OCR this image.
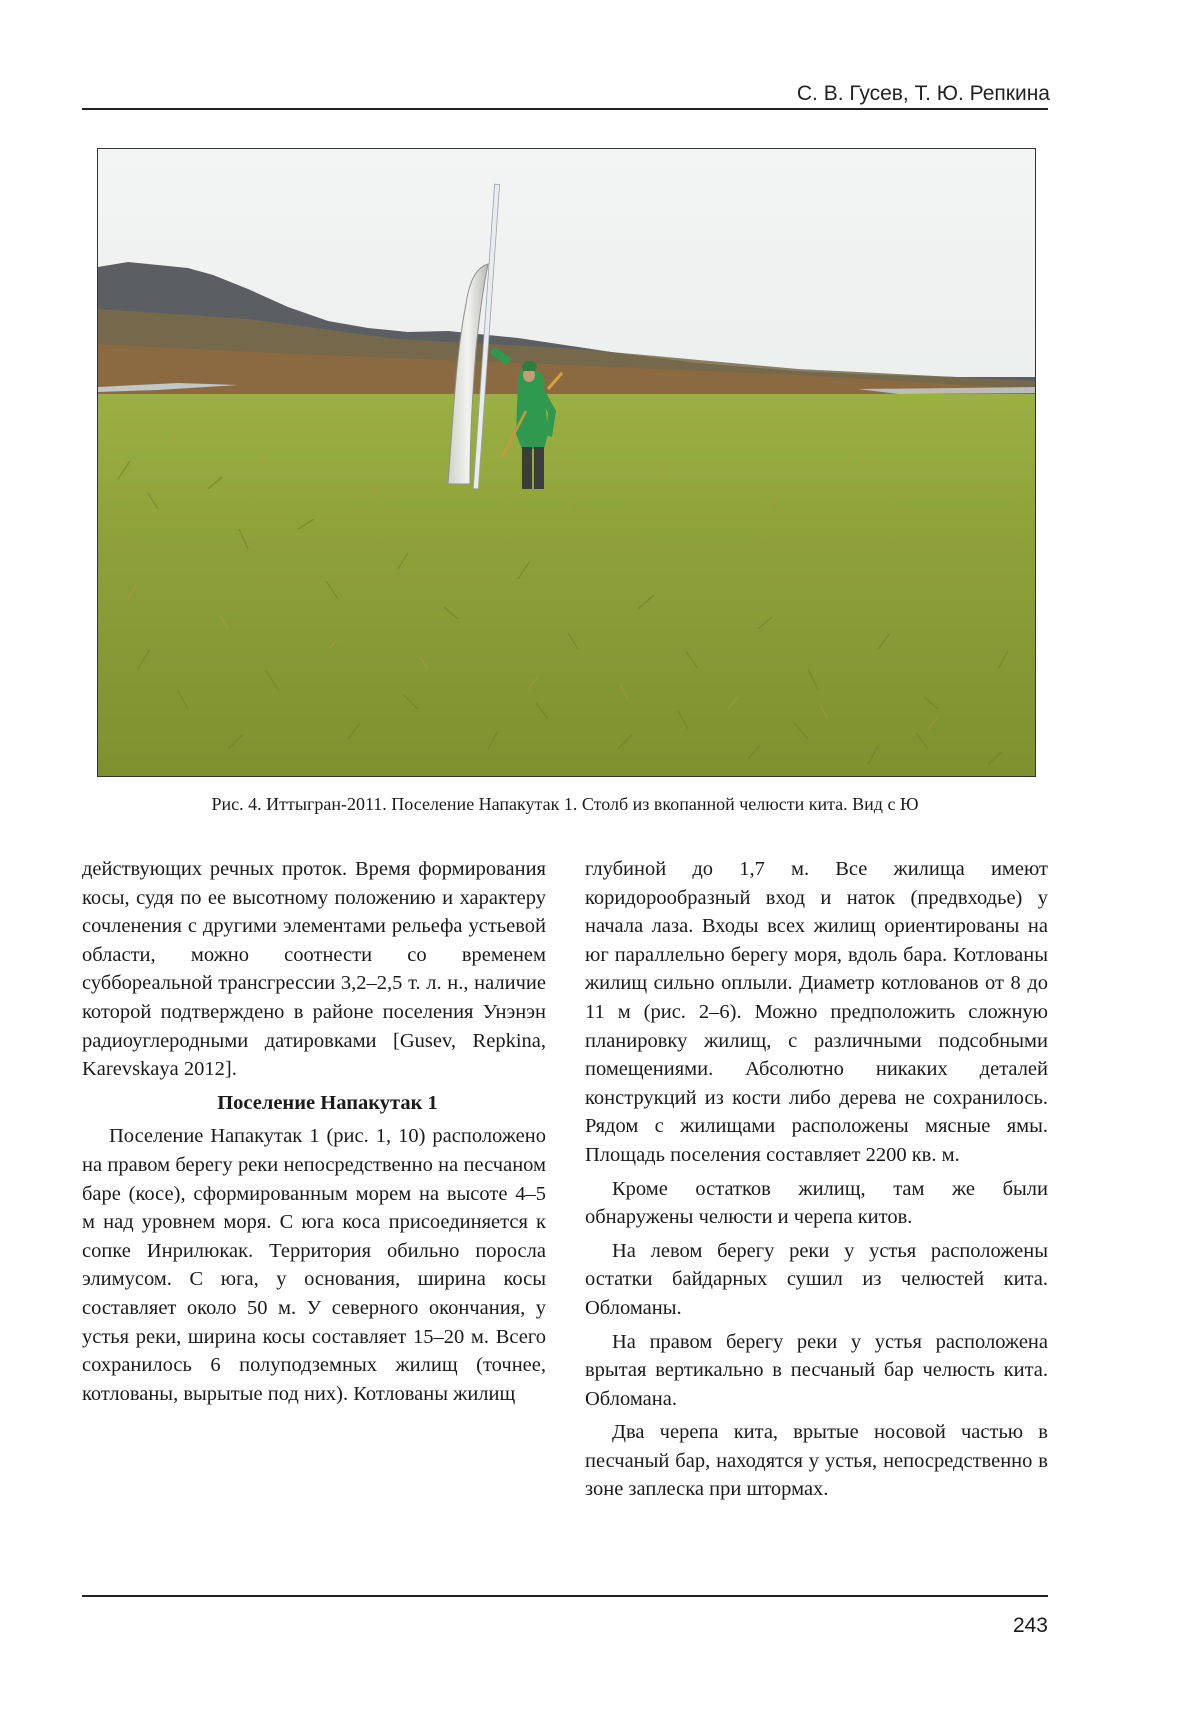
С. В. Гусев, Т. Ю. Репкина
Рис. 4. Иттыгран-2011. Поселение Напакутак 1. Столб из вкопанной челюсти кита. Вид с Ю

действующих речных проток. Время формирования косы, судя по ее высотному положению и характеру сочленения с другими элементами рельефа устьевой области, можно соотнести со временем суббореальной трансгрессии 3,2–2,5 т. л. н., наличие которой подтверждено в районе поселения Унэнэн радиоуглеродными датировками [Gusev, Repkina, Karevskaya 2012].

Поселение Напакутак 1

Поселение Напакутак 1 (рис. 1, 10) расположено на правом берегу реки непосредственно на песчаном баре (косе), сформированным морем на высоте 4–5 м над уровнем моря. С юга коса присоединяется к сопке Инрилюкак. Территория обильно поросла элимусом. С юга, у основания, ширина косы составляет около 50 м. У северного окончания, у устья реки, ширина косы составляет 15–20 м. Всего сохранилось 6 полуподземных жилищ (точнее, котлованы, вырытые под них). Котлованы жилищ

глубиной до 1,7 м. Все жилища имеют коридорообразный вход и наток (предвходье) у начала лаза. Входы всех жилищ ориентированы на юг параллельно берегу моря, вдоль бара. Котлованы жилищ сильно оплыли. Диаметр котлованов от 8 до 11 м (рис. 2–6). Можно предположить сложную планировку жилищ, с различными подсобными помещениями. Абсолютно никаких деталей конструкций из кости либо дерева не сохранилось. Рядом с жилищами расположены мясные ямы. Площадь поселения составляет 2200 кв. м.

Кроме остатков жилищ, там же были обнаружены челюсти и черепа китов.

На левом берегу реки у устья расположены остатки байдарных сушил из челюстей кита. Обломаны.

На правом берегу реки у устья расположена врытая вертикально в песчаный бар челюсть кита. Обломана.

Два черепа кита, врытые носовой частью в песчаный бар, находятся у устья, непосредственно в зоне заплеска при штормах.

243
